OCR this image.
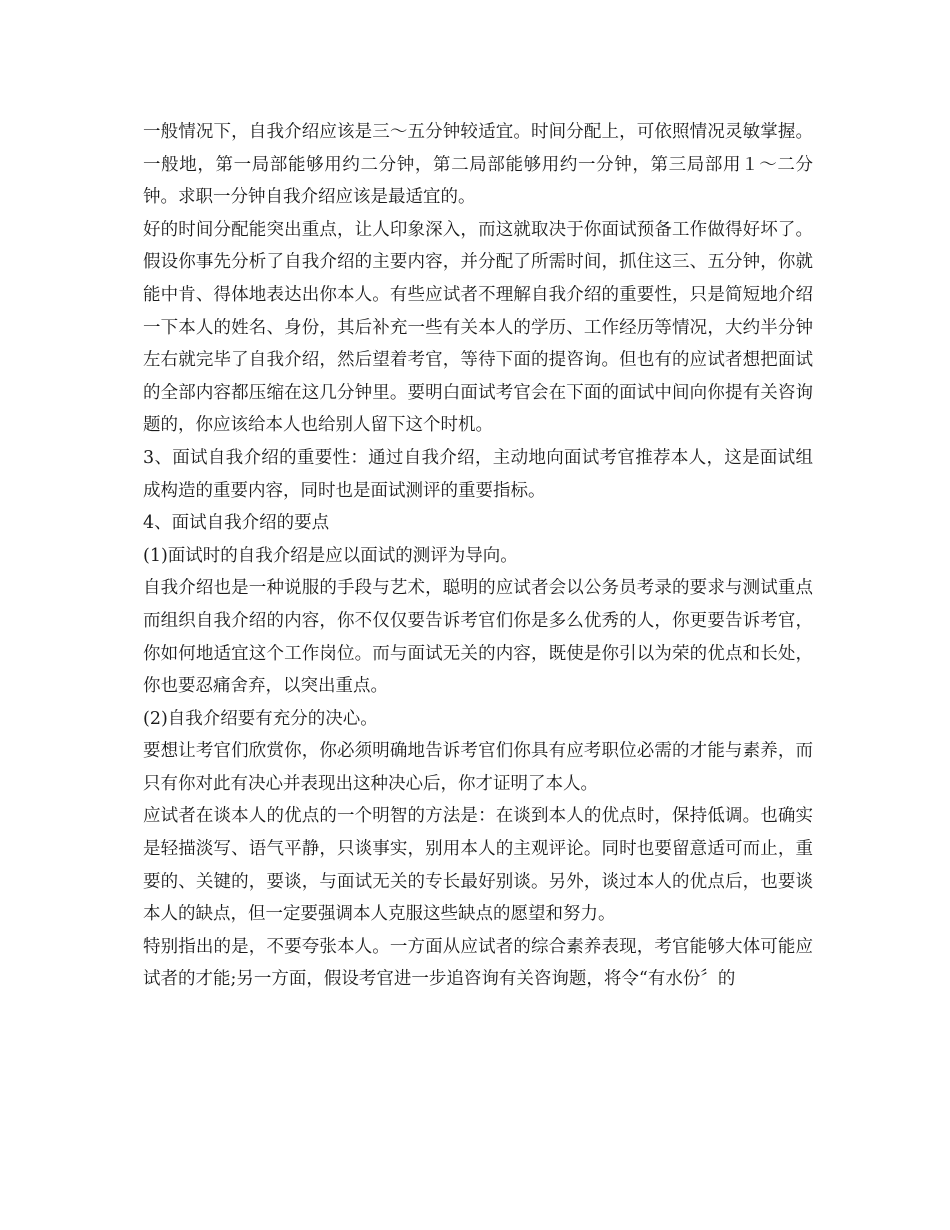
一般情况下，自我介绍应该是三～五分钟较适宜。时间分配上，可依照情况灵敏掌握。一般地，第一局部能够用约二分钟，第二局部能够用约一分钟，第三局部用１～二分钟。求职一分钟自我介绍应该是最适宜的。

好的时间分配能突出重点，让人印象深入，而这就取决于你面试预备工作做得好坏了。假设你事先分析了自我介绍的主要内容，并分配了所需时间，抓住这三、五分钟，你就能中肯、得体地表达出你本人。有些应试者不理解自我介绍的重要性，只是简短地介绍一下本人的姓名、身份，其后补充一些有关本人的学历、工作经历等情况，大约半分钟左右就完毕了自我介绍，然后望着考官，等待下面的提咨询。但也有的应试者想把面试的全部内容都压缩在这几分钟里。要明白面试考官会在下面的面试中间向你提有关咨询题的，你应该给本人也给别人留下这个时机。

3、面试自我介绍的重要性：通过自我介绍，主动地向面试考官推荐本人，这是面试组成构造的重要内容，同时也是面试测评的重要指标。

4、面试自我介绍的要点

(1)面试时的自我介绍是应以面试的测评为导向。

自我介绍也是一种说服的手段与艺术，聪明的应试者会以公务员考录的要求与测试重点而组织自我介绍的内容，你不仅仅要告诉考官们你是多么优秀的人，你更要告诉考官，你如何地适宜这个工作岗位。而与面试无关的内容，既使是你引以为荣的优点和长处，你也要忍痛舍弃，以突出重点。

(2)自我介绍要有充分的决心。

要想让考官们欣赏你，你必须明确地告诉考官们你具有应考职位必需的才能与素养，而只有你对此有决心并表现出这种决心后，你才证明了本人。

应试者在谈本人的优点的一个明智的方法是：在谈到本人的优点时，保持低调。也确实是轻描淡写、语气平静，只谈事实，别用本人的主观评论。同时也要留意适可而止，重要的、关键的，要谈，与面试无关的专长最好别谈。另外，谈过本人的优点后，也要谈本人的缺点，但一定要强调本人克服这些缺点的愿望和努力。

特别指出的是，不要夸张本人。一方面从应试者的综合素养表现，考官能够大体可能应试者的才能;另一方面，假设考官进一步追咨询有关咨询题，将令“有水份〞的
